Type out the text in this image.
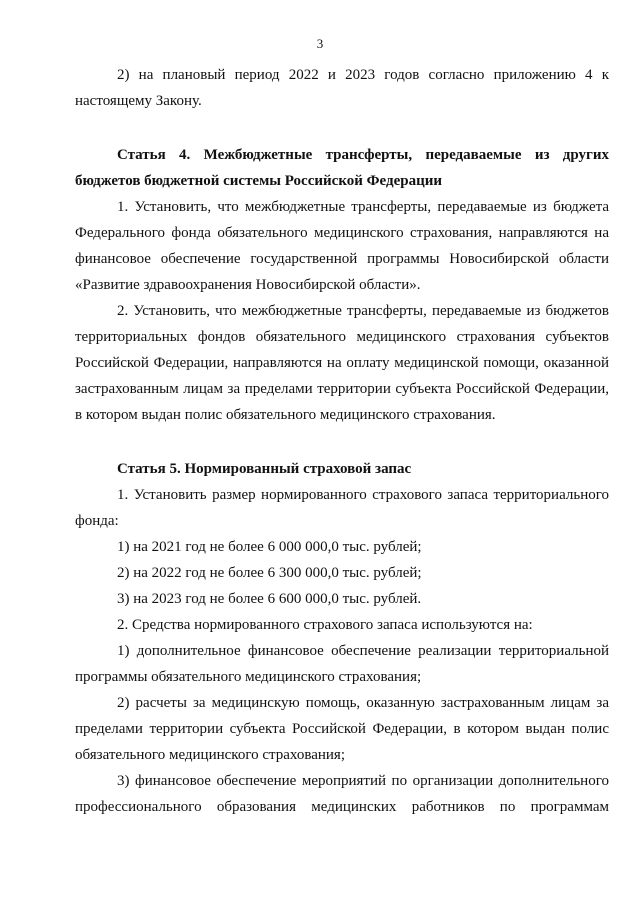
3
2) на плановый период 2022 и 2023 годов согласно приложению 4 к
настоящему Закону.
Статья 4. Межбюджетные трансферты, передаваемые из других
бюджетов бюджетной системы Российской Федерации
1. Установить, что межбюджетные трансферты, передаваемые из бюджета
Федерального фонда обязательного медицинского страхования, направляются на
финансовое обеспечение государственной программы Новосибирской области
«Развитие здравоохранения Новосибирской области».
2. Установить, что межбюджетные трансферты, передаваемые из бюджетов
территориальных фондов обязательного медицинского страхования субъектов
Российской Федерации, направляются на оплату медицинской помощи, оказанной
застрахованным лицам за пределами территории субъекта Российской Федерации,
в котором выдан полис обязательного медицинского страхования.
Статья 5. Нормированный страховой запас
1. Установить размер нормированного страхового запаса территориального
фонда:
1) на 2021 год не более 6 000 000,0 тыс. рублей;
2) на 2022 год не более 6 300 000,0 тыс. рублей;
3) на 2023 год не более 6 600 000,0 тыс. рублей.
2. Средства нормированного страхового запаса используются на:
1) дополнительное финансовое обеспечение реализации территориальной
программы обязательного медицинского страхования;
2) расчеты за медицинскую помощь, оказанную застрахованным лицам за
пределами территории субъекта Российской Федерации, в котором выдан полис
обязательного медицинского страхования;
3) финансовое обеспечение мероприятий по организации дополнительного
профессионального образования медицинских работников по программам
